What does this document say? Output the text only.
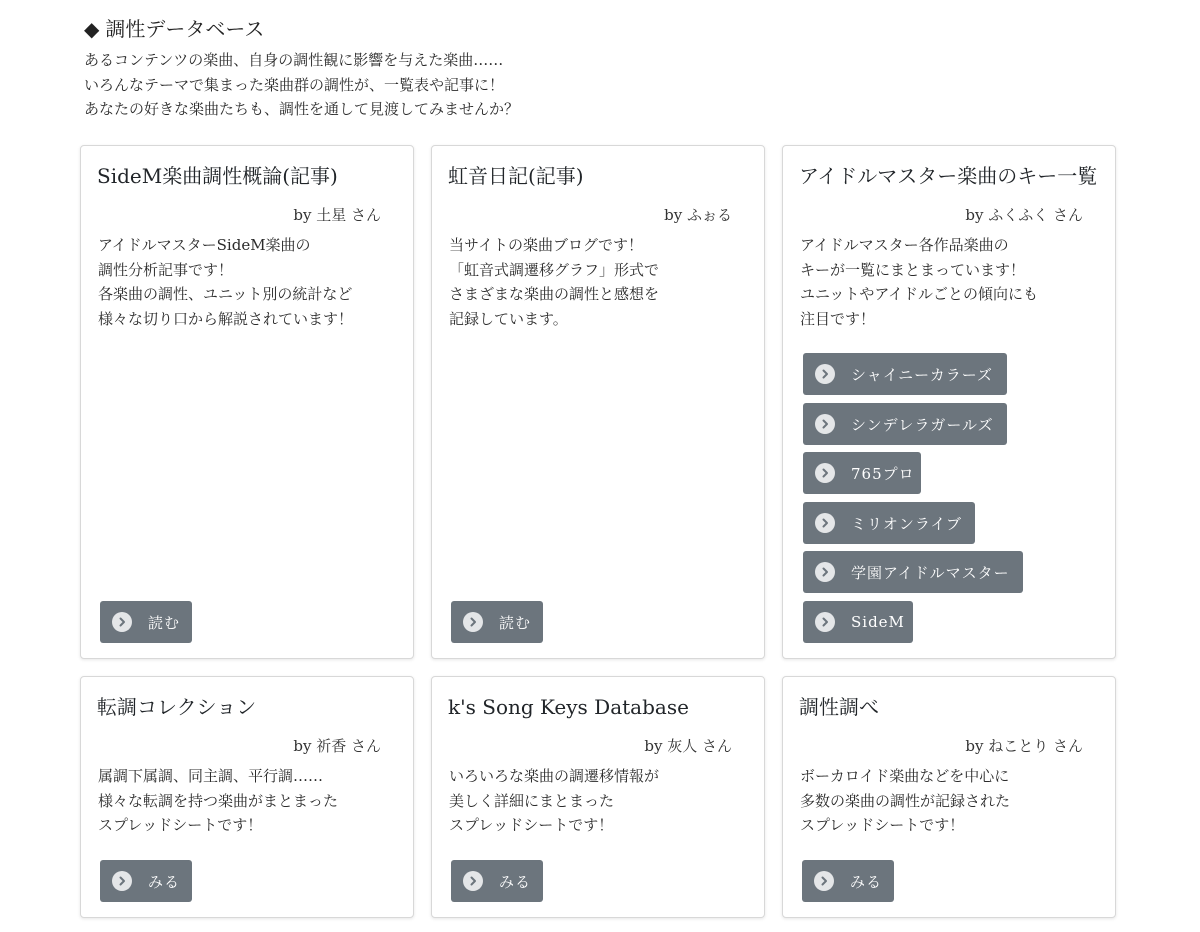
◆ 調性データベース
あるコンテンツの楽曲、自身の調性観に影響を与えた楽曲……
いろんなテーマで集まった楽曲群の調性が、一覧表や記事に！
あなたの好きな楽曲たちも、調性を通して見渡してみませんか？
SideM楽曲調性概論(記事)
by 土星 さん
アイドルマスターSideM楽曲の
調性分析記事です！
各楽曲の調性、ユニット別の統計など
様々な切り口から解説されています！
読む
虹音日記(記事)
by ふぉる
当サイトの楽曲ブログです！
「虹音式調遷移グラフ」形式で
さまざまな楽曲の調性と感想を
記録しています。
読む
アイドルマスター楽曲のキー一覧
by ふくふく さん
アイドルマスター各作品楽曲の
キーが一覧にまとまっています！
ユニットやアイドルごとの傾向にも
注目です！
シャイニーカラーズ
シンデレラガールズ
765プロ
ミリオンライブ
学園アイドルマスター
SideM
転調コレクション
by 祈香 さん
属調下属調、同主調、平行調……
様々な転調を持つ楽曲がまとまった
スプレッドシートです！
みる
k's Song Keys Database
by 灰人 さん
いろいろな楽曲の調遷移情報が
美しく詳細にまとまった
スプレッドシートです！
みる
調性調べ
by ねことり さん
ボーカロイド楽曲などを中心に
多数の楽曲の調性が記録された
スプレッドシートです！
みる
